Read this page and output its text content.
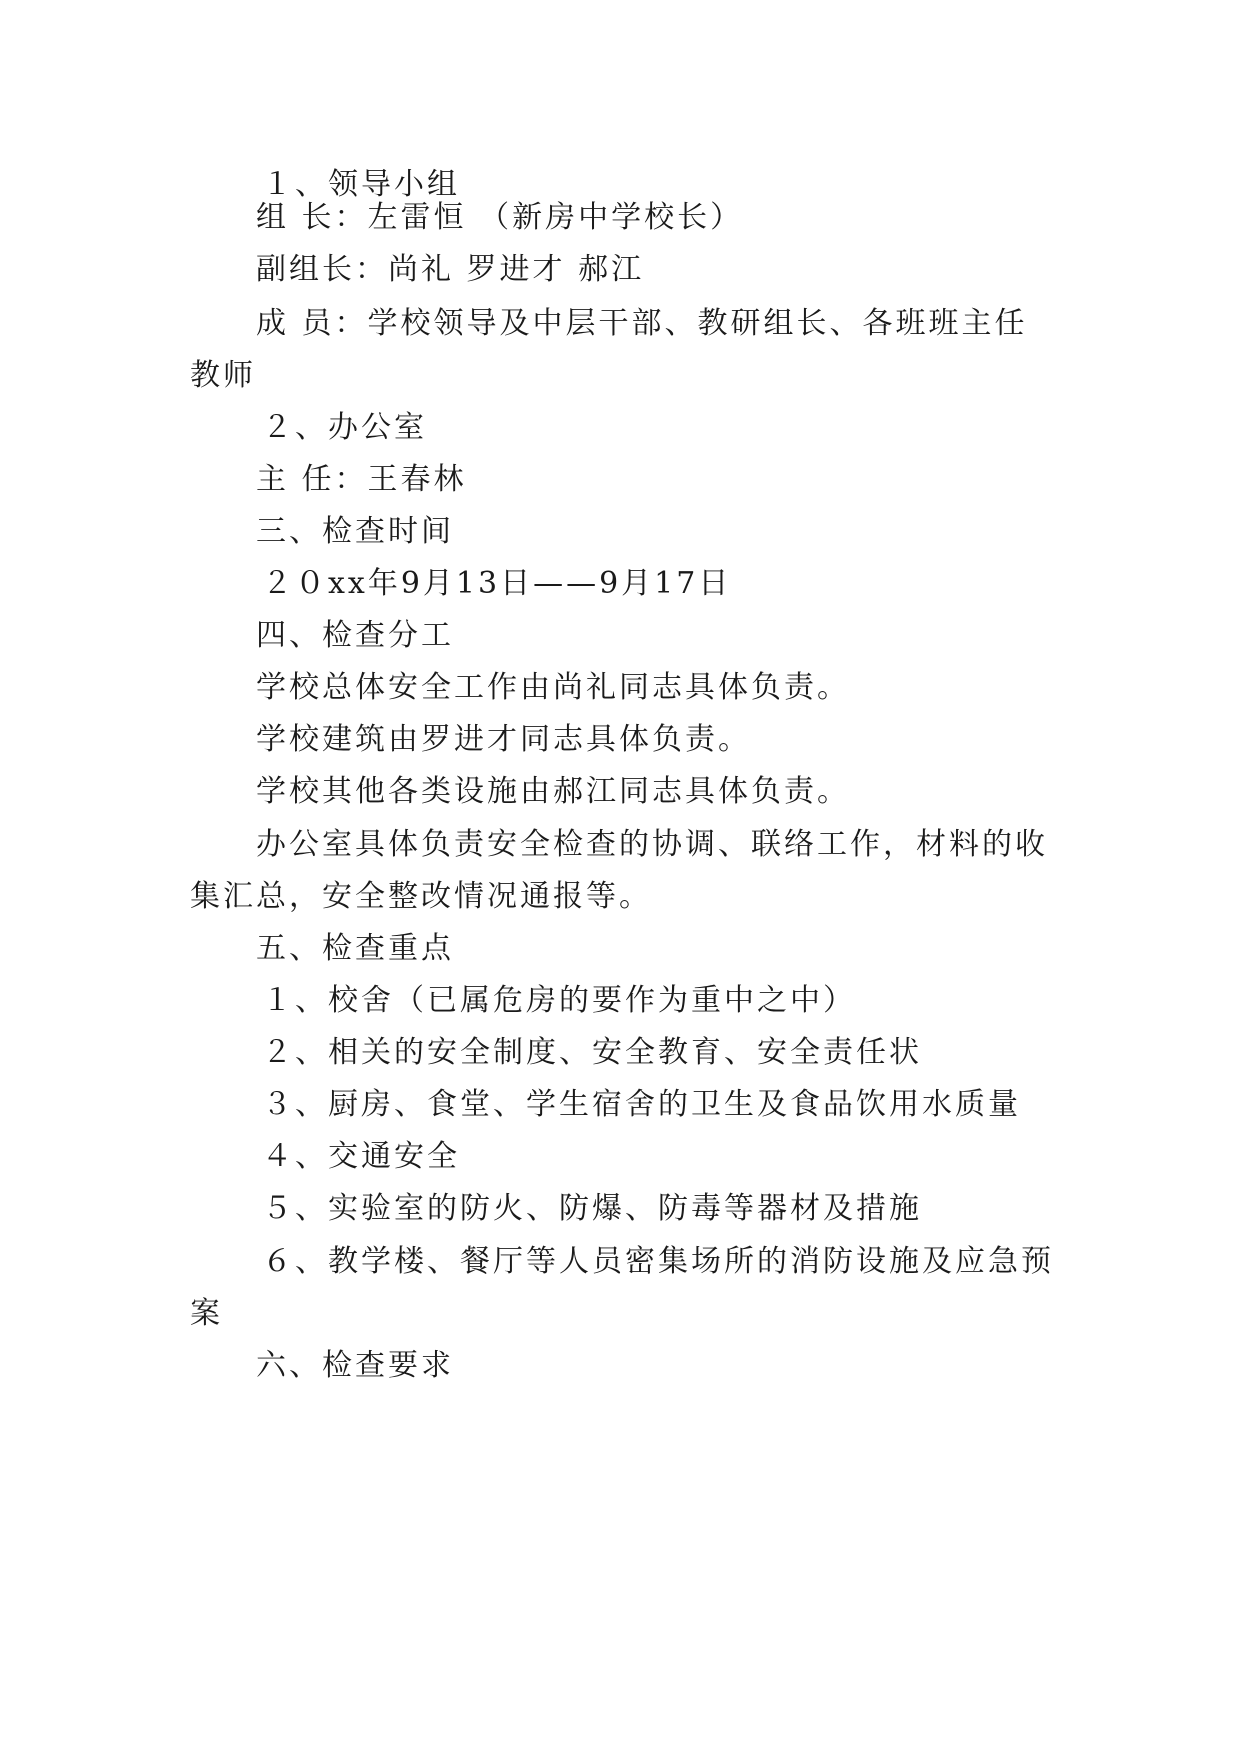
１、领导小组
组 长：左雷恒 （新房中学校长）
副组长：尚礼 罗进才 郝江
成 员：学校领导及中层干部、教研组长、各班班主任
教师
２、办公室
主 任：王春林
三、检查时间
２０xx年9月13日——9月17日
四、检查分工
学校总体安全工作由尚礼同志具体负责。
学校建筑由罗进才同志具体负责。
学校其他各类设施由郝江同志具体负责。
办公室具体负责安全检查的协调、联络工作，材料的收
集汇总，安全整改情况通报等。
五、检查重点
１、校舍（已属危房的要作为重中之中）
２、相关的安全制度、安全教育、安全责任状
３、厨房、食堂、学生宿舍的卫生及食品饮用水质量
４、交通安全
５、实验室的防火、防爆、防毒等器材及措施
６、教学楼、餐厅等人员密集场所的消防设施及应急预
案
六、检查要求
